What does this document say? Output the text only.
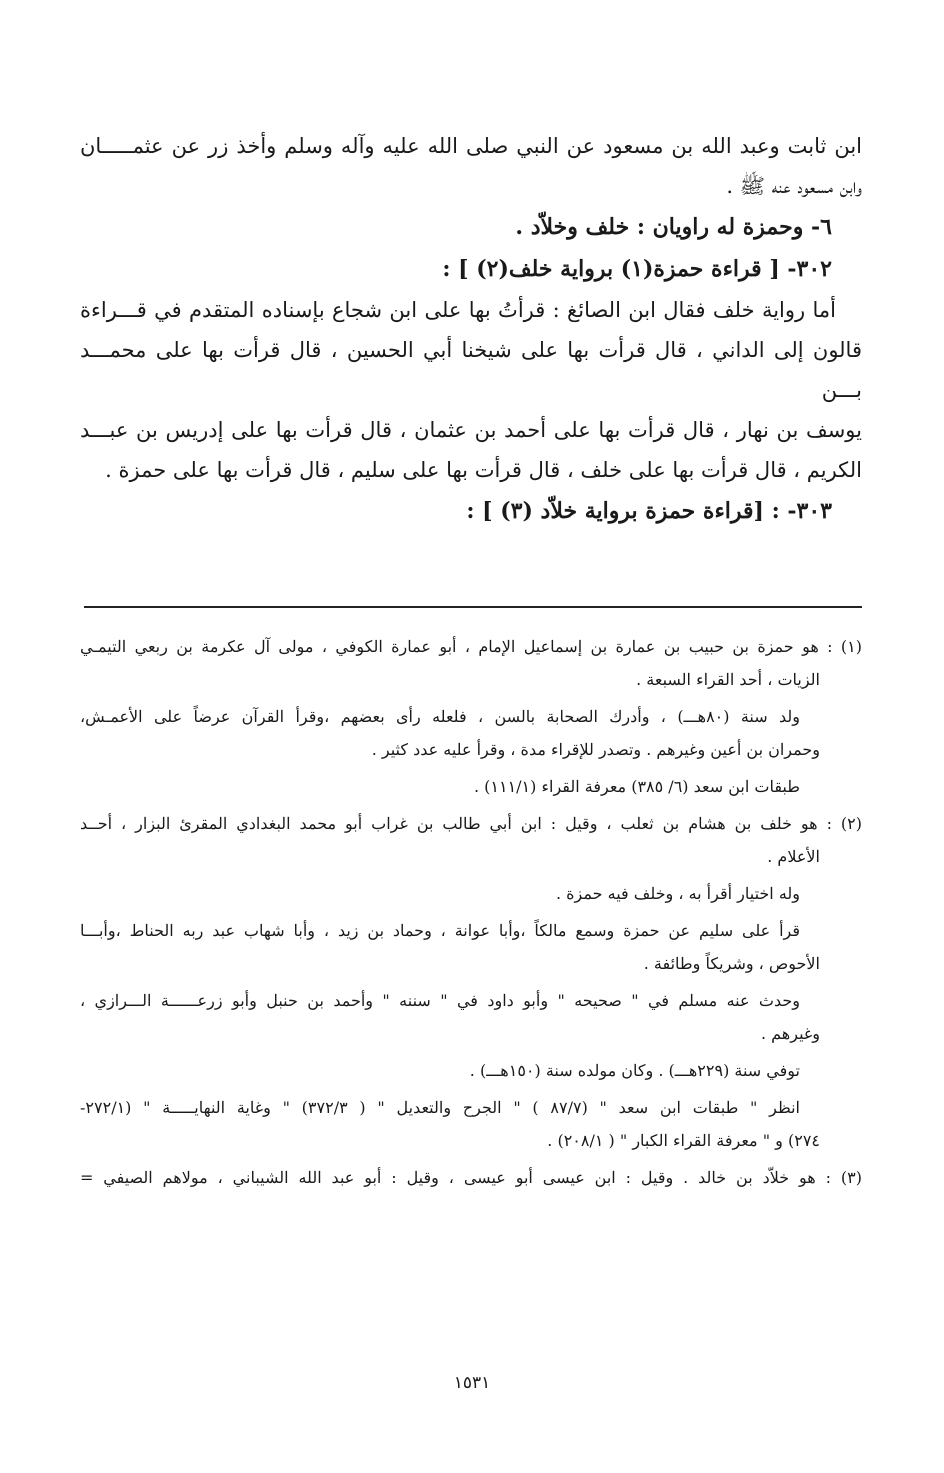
ابن ثابت وعبد الله بن مسعود عن النبي صلى الله عليه وآله وسلم وأخذ زر عن عثمـــــان

وابن مسعود عنه ﷺ .

٦- وحمزة له راويان : خلف وخلاّد .

٣٠٢- [ قراءة حمزة(١) برواية خلف(٢) ] :

أما رواية خلف فقال ابن الصائغ : قرأتُ بها على ابن شجاع بإسناده المتقدم في قـــراءة

قالون إلى الداني ، قال قرأت بها على شيخنا أبي الحسين ، قال قرأت بها على محمـــد بـــن

يوسف بن نهار ، قال قرأت بها على أحمد بن عثمان ، قال قرأت بها على إدريس بن عبـــد

الكريم ، قال قرأت بها على خلف ، قال قرأت بها على سليم ، قال قرأت بها على حمزة .

٣٠٣- : [قراءة حمزة برواية خلاّد (٣) ] :

(١) : هو حمزة بن حبيب بن عمارة بن إسماعيل الإمام ، أبو عمارة الكوفي ، مولى آل عكرمة بن ربعي التيمـي
الزيات ، أحد القراء السبعة .

ولد سنة (٨٠هـــ) ، وأدرك الصحابة بالسن ، فلعله رأى بعضهم ،وقرأ القرآن عرضاً على الأعمـش،
وحمران بن أعين وغيرهم . وتصدر للإقراء مدة ، وقرأ عليه عدد كثير .

طبقات ابن سعد (٦/ ٣٨٥) معرفة القراء (١١١/١) .

(٢) : هو خلف بن هشام بن ثعلب ، وقيل : ابن أبي طالب بن غراب أبو محمد البغدادي المقرئ البزار ، أحــد
الأعلام .

وله اختيار أقرأ به ، وخلف فيه حمزة .

قرأ على سليم عن حمزة وسمع مالكاً ،وأبا عوانة ، وحماد بن زيد ، وأبا شهاب عبد ربه الحناط ،وأبـــا
الأحوص ، وشريكاً وطائفة .

وحدث عنه مسلم في " صحيحه " وأبو داود في " سننه " وأحمد بن حنبل وأبو زرعــــــة الـــرازي ،
وغيرهم .

توفي سنة (٢٢٩هـــ) . وكان مولده سنة (١٥٠هـــ) .

انظر " طبقات ابن سعد " (٨٧/٧ ) " الجرح والتعديل " ( ٣٧٢/٣) " وغاية النهايـــــة " (٢٧٢/١-
٢٧٤) و " معرفة القراء الكبار " ( ٢٠٨/١) .

(٣) : هو خلاّد بن خالد . وقيل : ابن عيسى أبو عيسى ، وقيل : أبو عبد الله الشيباني ، مولاهم الصيفي =

١٥٣١
